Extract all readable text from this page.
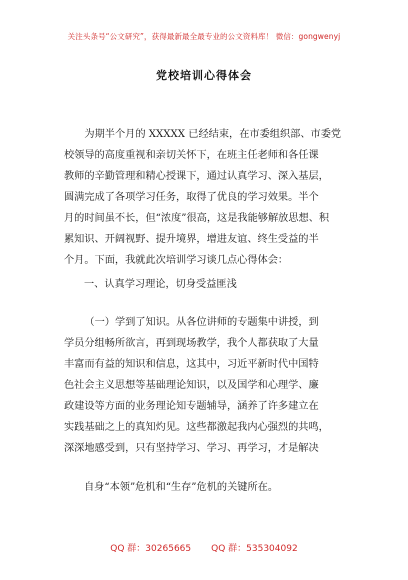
关注头条号“公文研究”，获得最新最全最专业的公文资料库！ 微信：gongwenyj
党校培训心得体会
为期半个月的 XXXXX 已经结束，在市委组织部、市委党
校领导的高度重视和亲切关怀下，在班主任老师和各任课
教师的辛勤管理和精心授课下，通过认真学习、深入基层，
圆满完成了各项学习任务，取得了优良的学习效果。半个
月的时间虽不长，但“浓度”很高，这是我能够解放思想、积
累知识、开阔视野、提升境界，增进友谊、终生受益的半
个月。下面，我就此次培训学习谈几点心得体会：
一、认真学习理论，切身受益匪浅
（一）学到了知识。从各位讲师的专题集中讲授，到
学员分组畅所欲言，再到现场教学，我个人都获取了大量
丰富而有益的知识和信息，这其中，习近平新时代中国特
色社会主义思想等基础理论知识，以及国学和心理学、廉
政建设等方面的业务理论知专题辅导，涵养了许多建立在
实践基础之上的真知灼见。这些都激起我内心强烈的共鸣，
深深地感受到，只有坚持学习、学习、再学习，才是解决
自身“本领”危机和“生存”危机的关键所在。
QQ 群：30265665 QQ 群：535304092
